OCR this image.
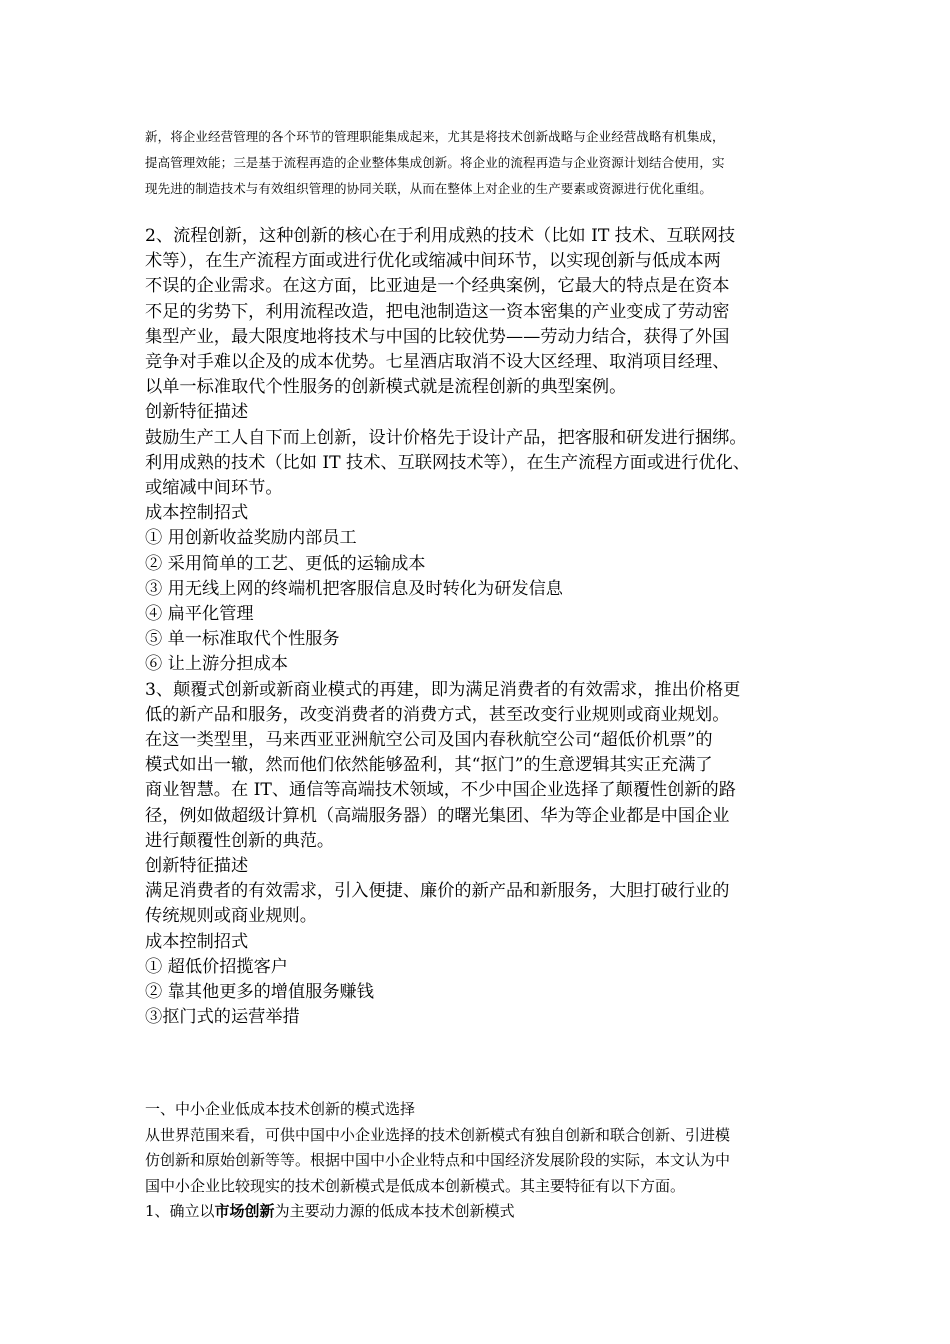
新，将企业经营管理的各个环节的管理职能集成起来，尤其是将技术创新战略与企业经营战略有机集成，

提高管理效能；三是基于流程再造的企业整体集成创新。将企业的流程再造与企业资源计划结合使用，实

现先进的制造技术与有效组织管理的协同关联，从而在整体上对企业的生产要素或资源进行优化重组。

2、流程创新，这种创新的核心在于利用成熟的技术（比如 IT 技术、互联网技

术等），在生产流程方面或进行优化或缩减中间环节，以实现创新与低成本两

不误的企业需求。在这方面，比亚迪是一个经典案例，它最大的特点是在资本

不足的劣势下，利用流程改造，把电池制造这一资本密集的产业变成了劳动密

集型产业，最大限度地将技术与中国的比较优势——劳动力结合，获得了外国

竞争对手难以企及的成本优势。七星酒店取消不设大区经理、取消项目经理、

以单一标准取代个性服务的创新模式就是流程创新的典型案例。

创新特征描述

鼓励生产工人自下而上创新，设计价格先于设计产品，把客服和研发进行捆绑。

利用成熟的技术（比如 IT 技术、互联网技术等），在生产流程方面或进行优化、

或缩减中间环节。

成本控制招式

① 用创新收益奖励内部员工

② 采用简单的工艺、更低的运输成本

③ 用无线上网的终端机把客服信息及时转化为研发信息

④ 扁平化管理

⑤ 单一标准取代个性服务

⑥ 让上游分担成本

3、颠覆式创新或新商业模式的再建，即为满足消费者的有效需求，推出价格更

低的新产品和服务，改变消费者的消费方式，甚至改变行业规则或商业规划。

在这一类型里，马来西亚亚洲航空公司及国内春秋航空公司“超低价机票”的

模式如出一辙，然而他们依然能够盈利，其“抠门”的生意逻辑其实正充满了

商业智慧。在 IT、通信等高端技术领域，不少中国企业选择了颠覆性创新的路

径，例如做超级计算机（高端服务器）的曙光集团、华为等企业都是中国企业

进行颠覆性创新的典范。

创新特征描述

满足消费者的有效需求，引入便捷、廉价的新产品和新服务，大胆打破行业的

传统规则或商业规则。

成本控制招式

① 超低价招揽客户

② 靠其他更多的增值服务赚钱

③抠门式的运营举措

一、中小企业低成本技术创新的模式选择

从世界范围来看，可供中国中小企业选择的技术创新模式有独自创新和联合创新、引进模

仿创新和原始创新等等。根据中国中小企业特点和中国经济发展阶段的实际，本文认为中

国中小企业比较现实的技术创新模式是低成本创新模式。其主要特征有以下方面。

1、确立以市场创新为主要动力源的低成本技术创新模式
